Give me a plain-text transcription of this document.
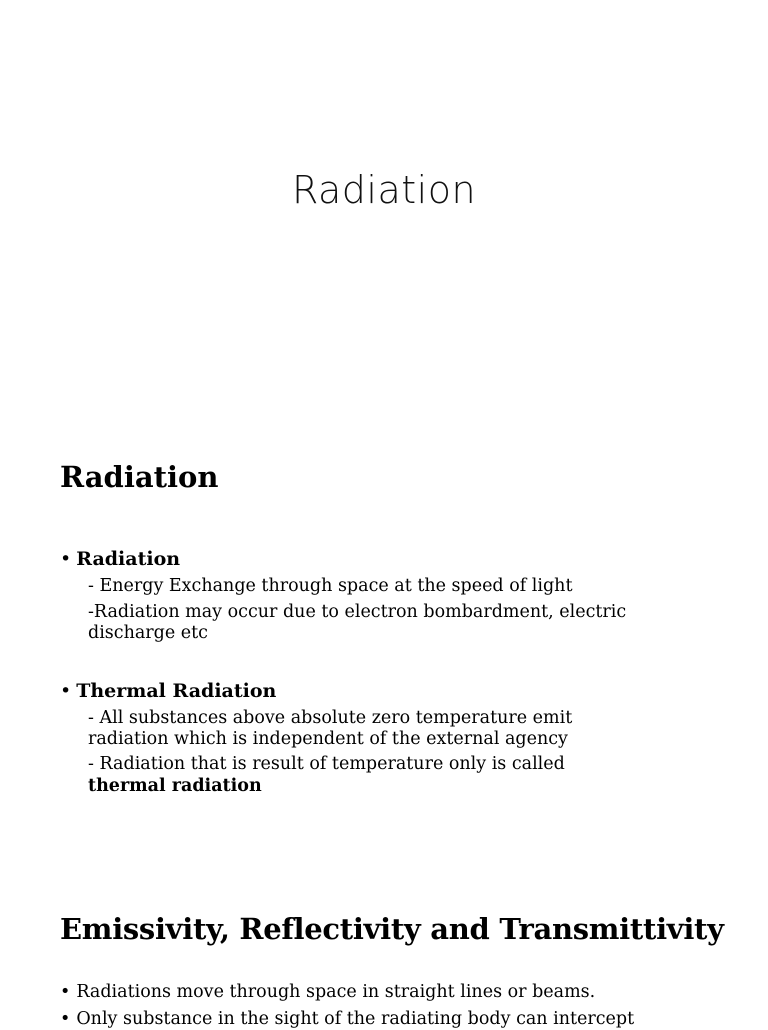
Radiation
Radiation
• Radiation
- Energy Exchange through space at the speed of light
-Radiation may occur due to electron bombardment, electric
discharge etc
• Thermal Radiation
- All substances above absolute zero temperature emit
radiation which is independent of the external agency
- Radiation that is result of temperature only is called
thermal radiation
Emissivity, Reflectivity and Transmittivity
• Radiations move through space in straight lines or beams.
• Only substance in the sight of the radiating body can intercept
